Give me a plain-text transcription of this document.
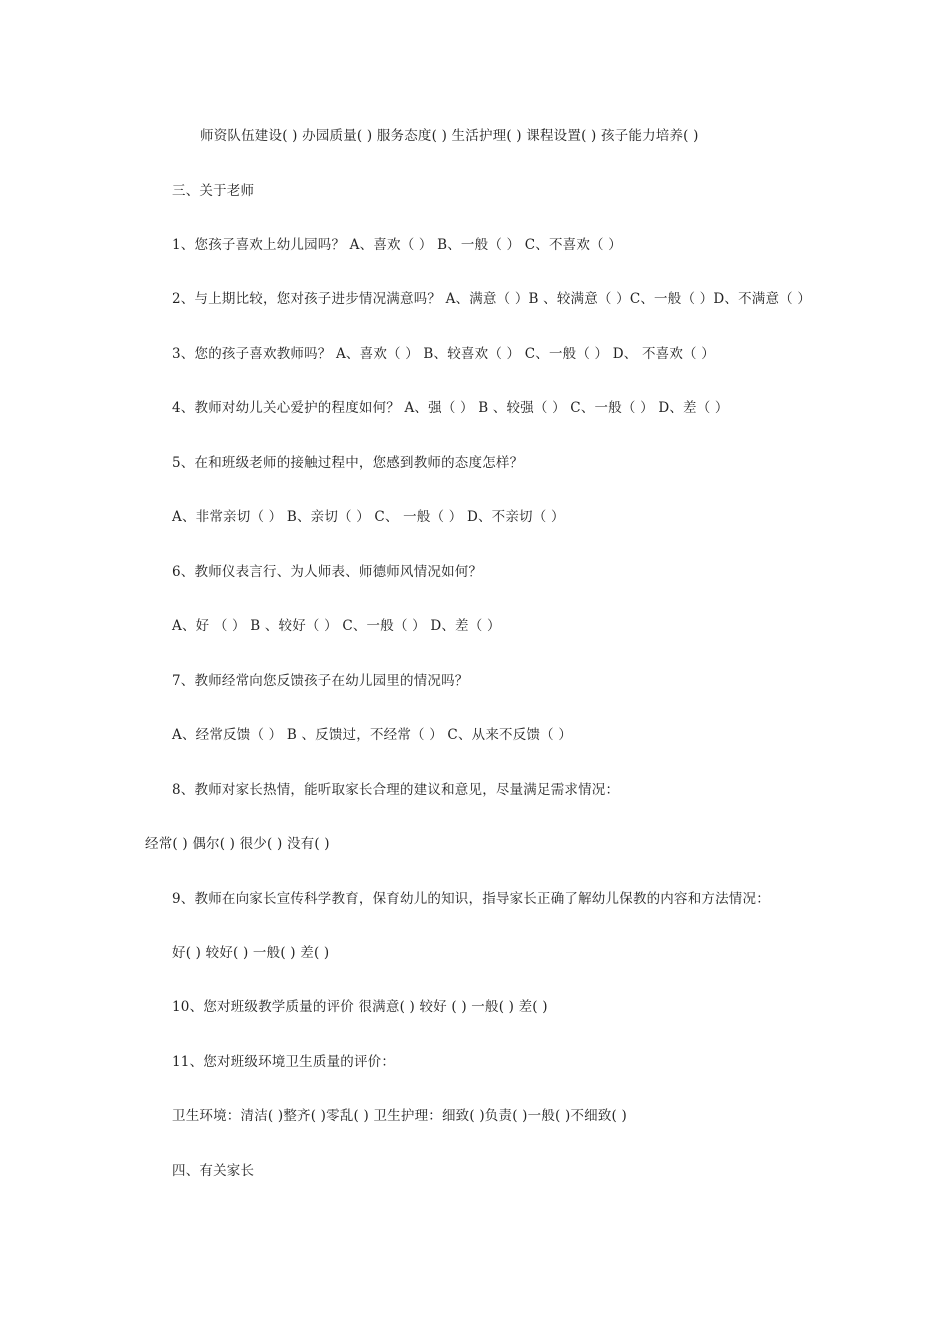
师资队伍建设( ) 办园质量( ) 服务态度( ) 生活护理( ) 课程设置( ) 孩子能力培养( )
三、关于老师
1、您孩子喜欢上幼儿园吗？ A、喜欢（ ） B、一般（ ） C、不喜欢（ ）
2、与上期比较，您对孩子进步情况满意吗？ A、满意（ ）B 、较满意（ ）C、一般（ ）D、不满意（ ）
3、您的孩子喜欢教师吗？ A、喜欢（ ） B、较喜欢（ ） C、一般（ ） D、 不喜欢（ ）
4、教师对幼儿关心爱护的程度如何？ A、强（ ） B 、较强（ ） C、一般（ ） D、差（ ）
5、在和班级老师的接触过程中，您感到教师的态度怎样？
A、非常亲切（ ） B、亲切（ ） C、 一般（ ） D、不亲切（ ）
6、教师仪表言行、为人师表、师德师风情况如何？
A、好 （ ） B 、较好（ ） C、一般（ ） D、差（ ）
7、教师经常向您反馈孩子在幼儿园里的情况吗？
A、经常反馈（ ） B 、反馈过，不经常（ ） C、从来不反馈（ ）
8、教师对家长热情，能听取家长合理的建议和意见，尽量满足需求情况：
经常( ) 偶尔( ) 很少( ) 没有( )
9、教师在向家长宣传科学教育，保育幼儿的知识，指导家长正确了解幼儿保教的内容和方法情况：
好( ) 较好( ) 一般( ) 差( )
10、您对班级教学质量的评价 很满意( ) 较好 ( ) 一般( ) 差( )
11、您对班级环境卫生质量的评价：
卫生环境：清洁( )整齐( )零乱( ) 卫生护理：细致( )负责( )一般( )不细致( )
四、有关家长
